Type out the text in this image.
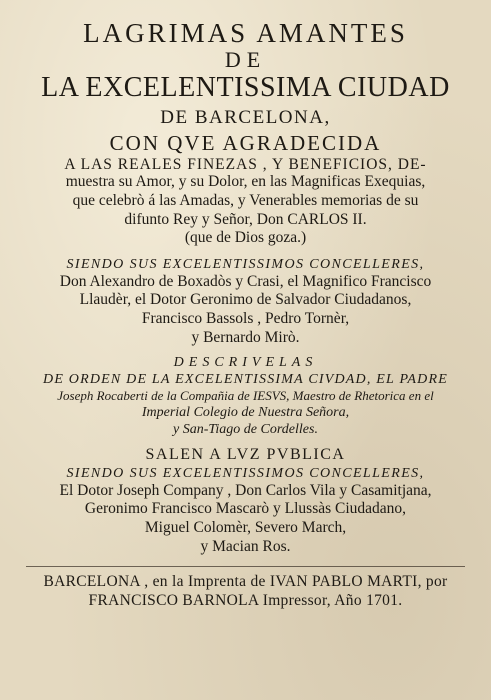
LAGRIMAS AMANTES
DE
LA EXCELENTISSIMA CIUDAD
DE BARCELONA,
CON QVE AGRADECIDA
A LAS REALES FINEZAS , Y BENEFICIOS, DE-
muestra su Amor, y su Dolor, en las Magnificas Exequias,
que celebrò á las Amadas, y Venerables memorias de su
difunto Rey y Señor, Don CARLOS II.
(que de Dios goza.)
SIENDO SUS EXCELENTISSIMOS CONCELLERES,
Don Alexandro de Boxadòs y Crasi, el Magnifico Francisco
Llaudèr, el Dotor Geronimo de Salvador Ciudadanos,
Francisco Bassols , Pedro Tornèr,
y Bernardo Mirò.
DESCRIVELAS
DE ORDEN DE LA EXCELENTISSIMA CIVDAD, EL PADRE
Joseph Rocaberti de la Compañia de IESVS, Maestro de Rhetorica en el
Imperial Colegio de Nuestra Señora,
y San-Tiago de Cordelles.
SALEN A LVZ PVBLICA
SIENDO SUS EXCELENTISSIMOS CONCELLERES,
El Dotor Joseph Company , Don Carlos Vila y Casamitjana,
Geronimo Francisco Mascarò y Llussàs Ciudadano,
Miguel Colomèr, Severo March,
y Macian Ros.
BARCELONA , en la Imprenta de IVAN PABLO MARTI, por
FRANCISCO BARNOLA Impressor, Año 1701.
